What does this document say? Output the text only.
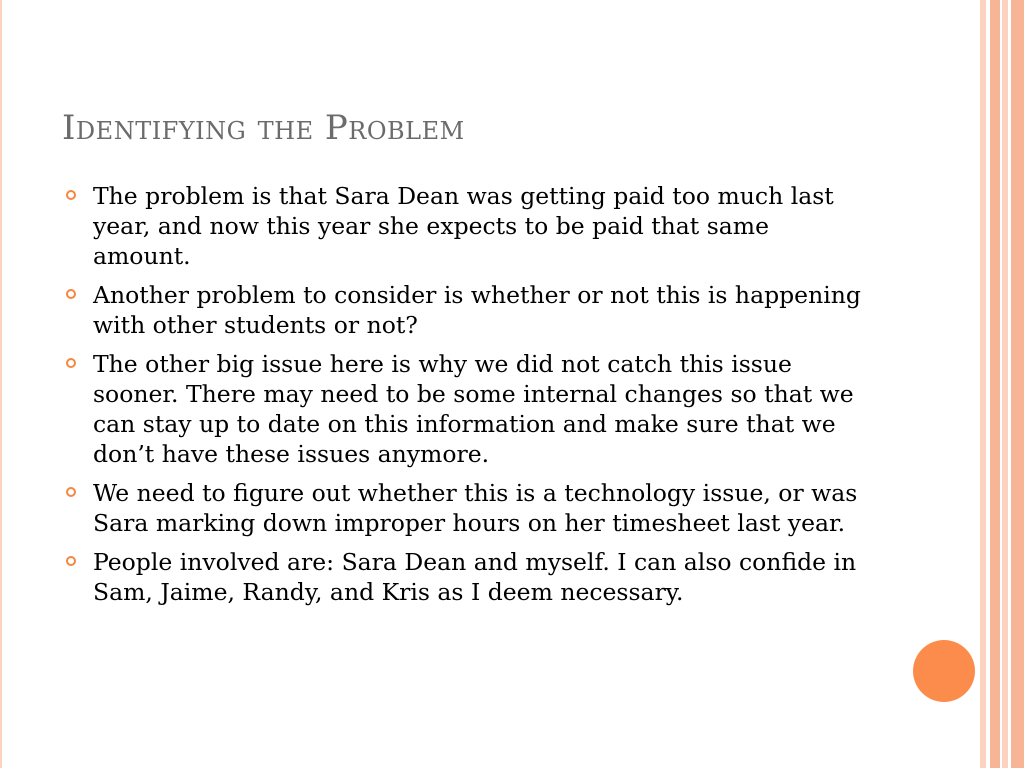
Identifying the Problem
The problem is that Sara Dean was getting paid too much last year, and now this year she expects to be paid that same amount.
Another problem to consider is whether or not this is happening with other students or not?
The other big issue here is why we did not catch this issue sooner. There may need to be some internal changes so that we can stay up to date on this information and make sure that we don’t have these issues anymore.
We need to figure out whether this is a technology issue, or was Sara marking down improper hours on her timesheet last year.
People involved are: Sara Dean and myself. I can also confide in Sam, Jaime, Randy, and Kris as I deem necessary.
